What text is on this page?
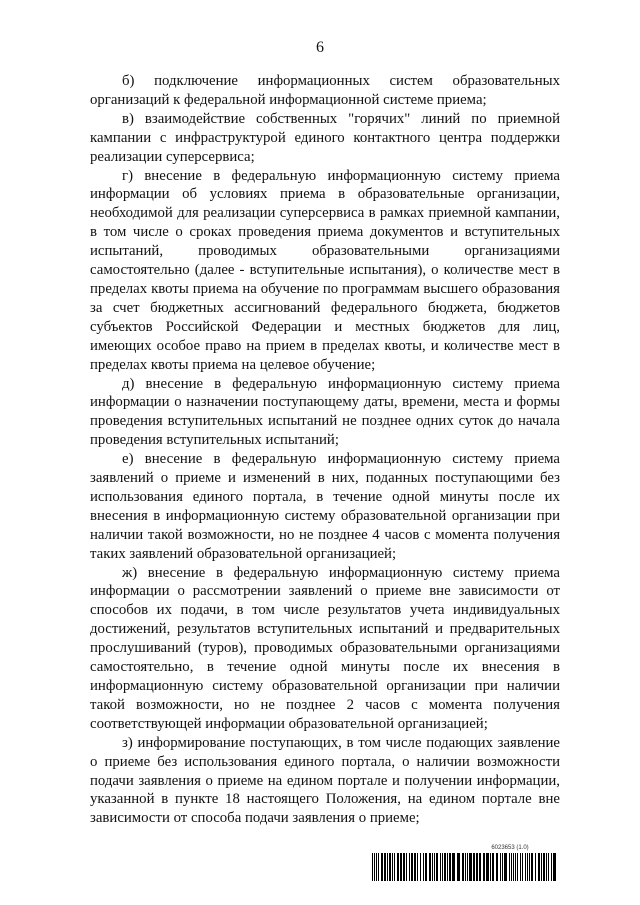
6

б) подключение информационных систем образовательных организаций к федеральной информационной системе приема;

в) взаимодействие собственных "горячих" линий по приемной кампании с инфраструктурой единого контактного центра поддержки реализации суперсервиса;

г) внесение в федеральную информационную систему приема информации об условиях приема в образовательные организации, необходимой для реализации суперсервиса в рамках приемной кампании, в том числе о сроках проведения приема документов и вступительных испытаний, проводимых образовательными организациями самостоятельно (далее - вступительные испытания), о количестве мест в пределах квоты приема на обучение по программам высшего образования за счет бюджетных ассигнований федерального бюджета, бюджетов субъектов Российской Федерации и местных бюджетов для лиц, имеющих особое право на прием в пределах квоты, и количестве мест в пределах квоты приема на целевое обучение;

д) внесение в федеральную информационную систему приема информации о назначении поступающему даты, времени, места и формы проведения вступительных испытаний не позднее одних суток до начала проведения вступительных испытаний;

е) внесение в федеральную информационную систему приема заявлений о приеме и изменений в них, поданных поступающими без использования единого портала, в течение одной минуты после их внесения в информационную систему образовательной организации при наличии такой возможности, но не позднее 4 часов с момента получения таких заявлений образовательной организацией;

ж) внесение в федеральную информационную систему приема информации о рассмотрении заявлений о приеме вне зависимости от способов их подачи, в том числе результатов учета индивидуальных достижений, результатов вступительных испытаний и предварительных прослушиваний (туров), проводимых образовательными организациями самостоятельно, в течение одной минуты после их внесения в информационную систему образовательной организации при наличии такой возможности, но не позднее 2 часов с момента получения соответствующей информации образовательной организацией;

з) информирование поступающих, в том числе подающих заявление о приеме без использования единого портала, о наличии возможности подачи заявления о приеме на едином портале и получении информации, указанной в пункте 18 настоящего Положения, на едином портале вне зависимости от способа подачи заявления о приеме;

6023653 (1.0)
